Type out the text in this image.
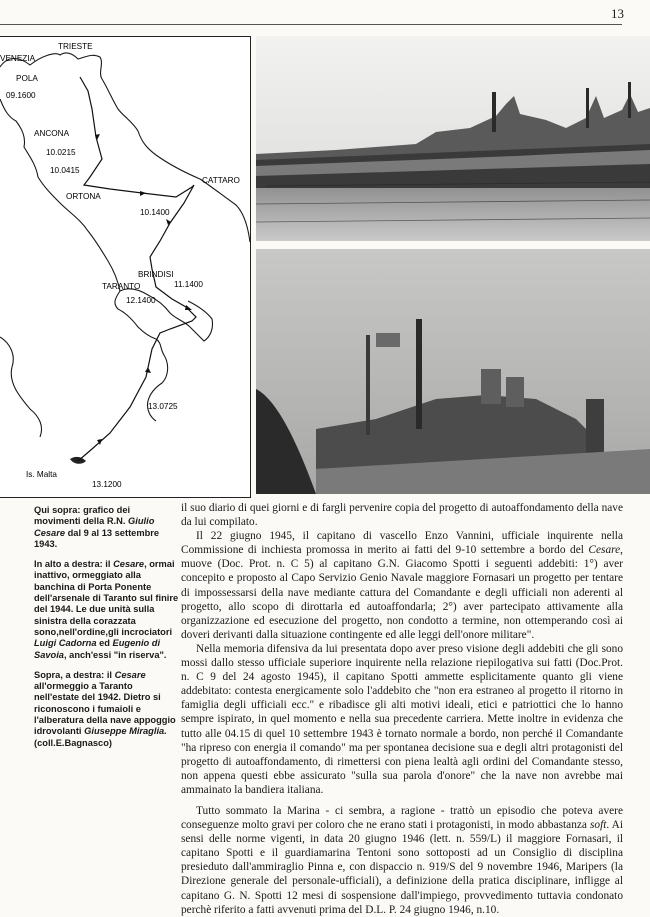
13
TRIESTE
VENEZIA
POLA
09.1600
ANCONA
10.0215
10.0415
ORTONA
CATTARO
10.1400
BRINDISI
TARANTO	11.1400
12.1400
13.0725
Is. Malta
13.1200

Qui sopra: grafico dei movimenti della R.N. Giulio Cesare dal 9 al 13 settembre 1943.

In alto a destra: il Cesare, ormai inattivo, ormeggiato alla banchina di Porta Ponente dell'arsenale di Taranto sul finire del 1944. Le due unità sulla sinistra della corazzata sono,nell'ordine,gli incrociatori Luigi Cadorna ed Eugenio di Savoia, anch'essi "in riserva".

Sopra, a destra: il Cesare all'ormeggio a Taranto nell'estate del 1942. Dietro si riconoscono i fumaioli e l'alberatura della nave appoggio idrovolanti Giuseppe Miraglia. (coll.E.Bagnasco)

il suo diario di quei giorni e di fargli pervenire copia del progetto di autoaffondamento della nave da lui compilato.

Il 22 giugno 1945, il capitano di vascello Enzo Vannini, ufficiale inquirente nella Commissione di inchiesta promossa in merito ai fatti del 9-10 settembre a bordo del Cesare, muove (Doc. Prot. n. C 5) al capitano G.N. Giacomo Spotti i seguenti addebiti: 1°) aver concepito e proposto al Capo Servizio Genio Navale maggiore Fornasari un progetto per tentare di impossessarsi della nave mediante cattura del Comandante e degli ufficiali non aderenti al progetto, allo scopo di dirottarla ed autoaffondarla; 2°) aver partecipato attivamente alla organizzazione ed esecuzione del progetto, non condotto a termine, non ottemperando così ai doveri derivanti dalla situazione contingente ed alle leggi dell'onore militare".

Nella memoria difensiva da lui presentata dopo aver preso visione degli addebiti che gli sono mossi dallo stesso ufficiale superiore inquirente nella relazione riepilogativa sui fatti (Doc.Prot. n. C 9 del 24 agosto 1945), il capitano Spotti ammette esplicitamente quanto gli viene addebitato: contesta energicamente solo l'addebito che "non era estraneo al progetto il ritorno in famiglia degli ufficiali ecc." e ribadisce gli alti motivi ideali, etici e patriottici che lo hanno sempre ispirato, in quel momento e nella sua precedente carriera. Mette inoltre in evidenza che tutto alle 04.15 di quel 10 settembre 1943 è tornato normale a bordo, non perché il Comandante "ha ripreso con energia il comando" ma per spontanea decisione sua e degli altri protagonisti del progetto di autoaffondamento, di rimettersi con piena lealtà agli ordini del Comandante stesso, non appena questi ebbe assicurato "sulla sua parola d'onore" che la nave non avrebbe mai ammainato la bandiera italiana.

Tutto sommato la Marina - ci sembra, a ragione - trattò un episodio che poteva avere conseguenze molto gravi per coloro che ne erano stati i protagonisti, in modo abbastanza soft. Ai sensi delle norme vigenti, in data 20 giugno 1946 (lett. n. 559/L) il maggiore Fornasari, il capitano Spotti e il guardiamarina Tentoni sono sottoposti ad un Consiglio di disciplina presieduto dall'ammiraglio Pinna e, con dispaccio n. 919/S del 9 novembre 1946, Maripers (la Direzione generale del personale-ufficiali), a definizione della pratica disciplinare, infligge al capitano G. N. Spotti 12 mesi di sospensione dall'impiego, provvedimento tuttavia condonato perchè riferito a fatti avvenuti prima del D.L. P. 24 giugno 1946, n.10.
